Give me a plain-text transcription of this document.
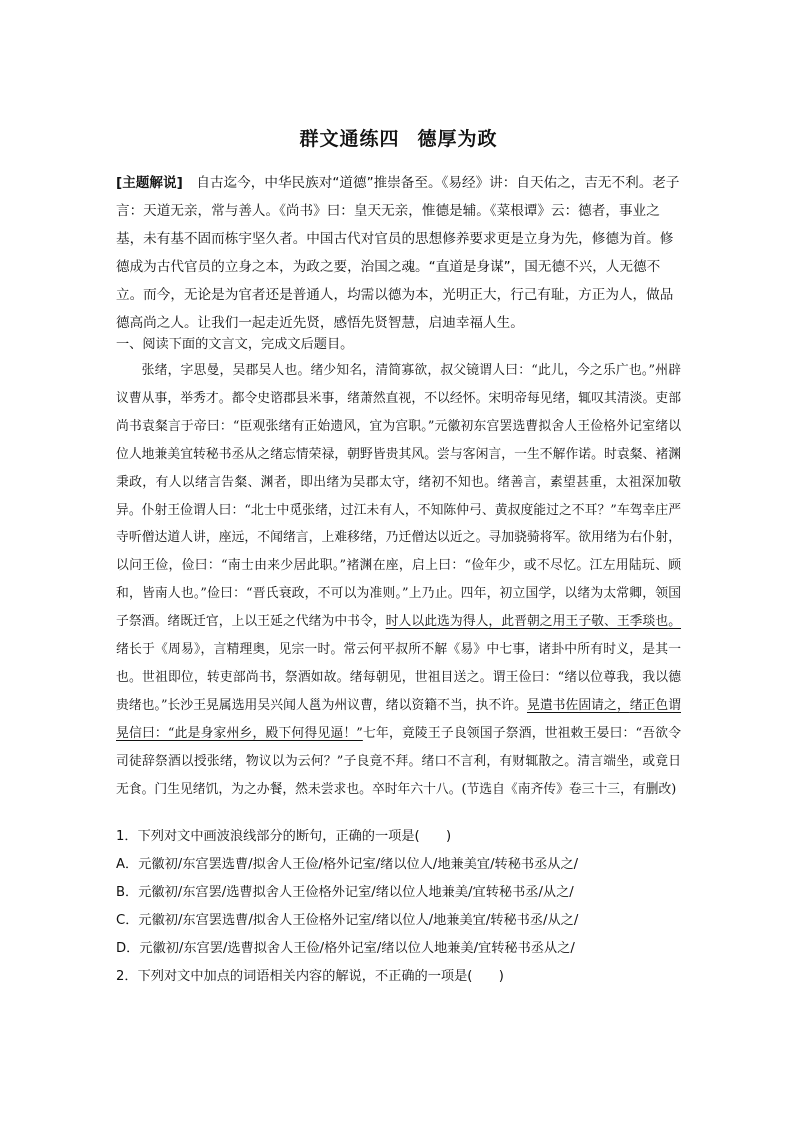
群文通练四 德厚为政

[主题解说]  自古迄今，中华民族对“道德”推崇备至。《易经》讲：自天佑之，吉无不利。老子言：天道无亲，常与善人。《尚书》曰：皇天无亲，惟德是辅。《菜根谭》云：德者，事业之基，未有基不固而栋宇坚久者。中国古代对官员的思想修养要求更是立身为先，修德为首。修德成为古代官员的立身之本，为政之要，治国之魂。“直道是身谋”，国无德不兴，人无德不立。而今，无论是为官者还是普通人，均需以德为本，光明正大，行己有耻，方正为人，做品德高尚之人。让我们一起走近先贤，感悟先贤智慧，启迪幸福人生。

一、阅读下面的文言文，完成文后题目。

张绪，字思曼，吴郡吴人也。绪少知名，清简寡欲，叔父镜谓人曰：“此儿，今之乐广也。”州辟议曹从事，举秀才。都令史谘郡县米事，绪萧然直视，不以经怀。宋明帝每见绪，辄叹其清淡。吏部尚书袁粲言于帝曰：“臣观张绪有正始遗风，宜为宫职。”元徽初东宫罢选曹拟舍人王俭格外记室绪以位人地兼美宜转秘书丞从之绪忘情荣禄，朝野皆贵其风。尝与客闲言，一生不解作诺。时袁粲、褚渊秉政，有人以绪言告粲、渊者，即出绪为吴郡太守，绪初不知也。绪善言，素望甚重，太祖深加敬异。仆射王俭谓人曰：“北士中觅张绪，过江未有人，不知陈仲弓、黄叔度能过之不耳？”车驾幸庄严寺听僧达道人讲，座远，不闻绪言，上难移绪，乃迁僧达以近之。寻加骁骑将军。欲用绪为右仆射，以问王俭，俭曰：“南士由来少居此职。”褚渊在座，启上曰：“俭年少，或不尽忆。江左用陆玩、顾和，皆南人也。”俭曰：“晋氏衰政，不可以为准则。”上乃止。四年，初立国学，以绪为太常卿，领国子祭酒。绪既迁官，上以王延之代绪为中书令，时人以此选为得人，此晋朝之用王子敬、王季琰也。绪长于《周易》，言精理奥，见宗一时。常云何平叔所不解《易》中七事，诸卦中所有时义，是其一也。世祖即位，转吏部尚书，祭酒如故。绪每朝见，世祖目送之。谓王俭曰：“绪以位尊我，我以德贵绪也。”长沙王晃属选用吴兴闻人邕为州议曹，绪以资籍不当，执不许。晃遣书佐固请之，绪正色谓晃信曰：“此是身家州乡，殿下何得见逼！”七年，竟陵王子良领国子祭酒，世祖敕王晏曰：“吾欲令司徒辞祭酒以授张绪，物议以为云何？”子良竟不拜。绪口不言利，有财辄散之。清言端坐，或竟日无食。门生见绪饥，为之办餐，然未尝求也。卒时年六十八。(节选自《南齐传》卷三十三，有删改)

1．下列对文中画波浪线部分的断句，正确的一项是(　　)

A．元徽初/东宫罢选曹/拟舍人王俭/格外记室/绪以位人/地兼美宜/转秘书丞从之/

B．元徽初/东宫罢/选曹拟舍人王俭格外记室/绪以位人地兼美/宜转秘书丞/从之/

C．元徽初/东宫罢选曹/拟舍人王俭格外记室/绪以位人/地兼美宜/转秘书丞/从之/

D．元徽初/东宫罢/选曹拟舍人王俭/格外记室/绪以位人地兼美/宜转秘书丞从之/

2．下列对文中加点的词语相关内容的解说，不正确的一项是(　　)
